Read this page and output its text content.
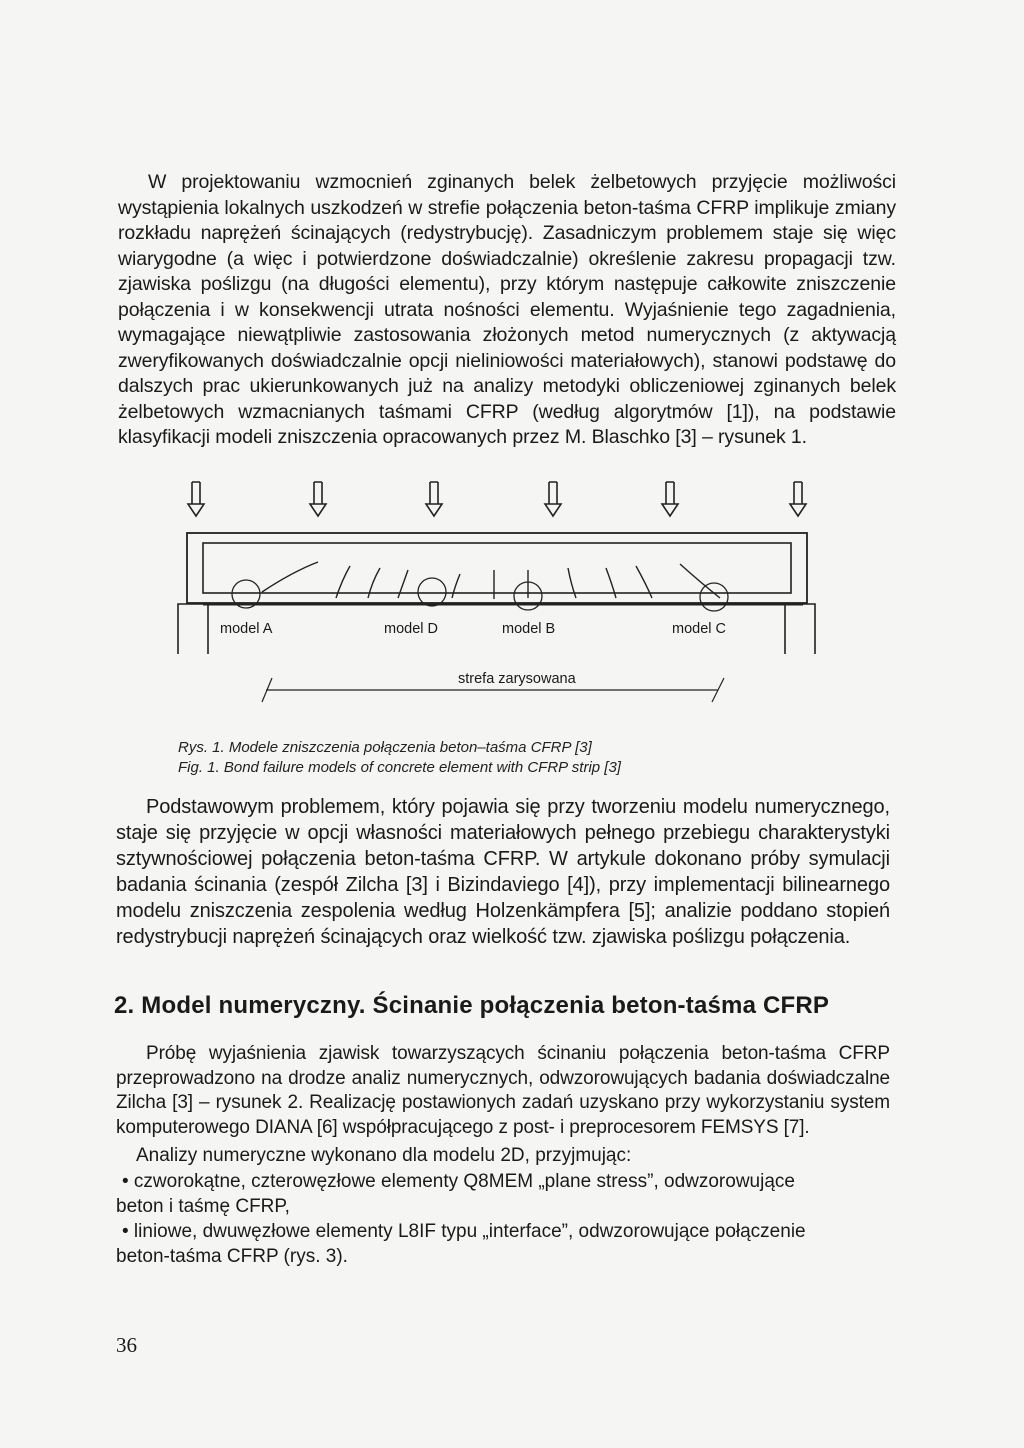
W projektowaniu wzmocnień zginanych belek żelbetowych przyjęcie możliwości wystąpienia lokalnych uszkodzeń w strefie połączenia beton-taśma CFRP implikuje zmiany rozkładu naprężeń ścinających (redystrybucję). Zasadniczym problemem staje się więc wiarygodne (a więc i potwierdzone doświadczalnie) określenie zakresu propagacji tzw. zjawiska poślizgu (na długości elementu), przy którym następuje całkowite zniszczenie połączenia i w konsekwencji utrata nośności elementu. Wyjaśnienie tego zagadnienia, wymagające niewątpliwie zastosowania złożonych metod numerycznych (z aktywacją zweryfikowanych doświadczalnie opcji nieliniowości materiałowych), stanowi podstawę do dalszych prac ukierunkowanych już na analizy metodyki obliczeniowej zginanych belek żelbetowych wzmacnianych taśmami CFRP (według algorytmów [1]), na podstawie klasyfikacji modeli zniszczenia opracowanych przez M. Blaschko [3] – rysunek 1.
model A	model D	model B	model C
strefa zarysowana
Rys. 1. Modele zniszczenia połączenia beton–taśma CFRP [3]
Fig. 1. Bond failure models of concrete element with CFRP strip [3]
Podstawowym problemem, który pojawia się przy tworzeniu modelu numerycznego, staje się przyjęcie w opcji własności materiałowych pełnego przebiegu charakterystyki sztywnościowej połączenia beton-taśma CFRP. W artykule dokonano próby symulacji badania ścinania (zespół Zilcha [3] i Bizindaviego [4]), przy implementacji bilinearnego modelu zniszczenia zespolenia według Holzenkämpfera [5]; analizie poddano stopień redystrybucji naprężeń ścinających oraz wielkość tzw. zjawiska poślizgu połączenia.
2. Model numeryczny. Ścinanie połączenia beton-taśma CFRP
Próbę wyjaśnienia zjawisk towarzyszących ścinaniu połączenia beton-taśma CFRP przeprowadzono na drodze analiz numerycznych, odwzorowujących badania doświadczalne Zilcha [3] – rysunek 2. Realizację postawionych zadań uzyskano przy wykorzystaniu system komputerowego DIANA [6] współpracującego z post- i preprocesorem FEMSYS [7].
Analizy numeryczne wykonano dla modelu 2D, przyjmując:
• czworokątne, czterowęzłowe elementy Q8MEM „plane stress”, odwzorowujące
beton i taśmę CFRP,
• liniowe, dwuwęzłowe elementy L8IF typu „interface”, odwzorowujące połączenie
beton-taśma CFRP (rys. 3).
36
